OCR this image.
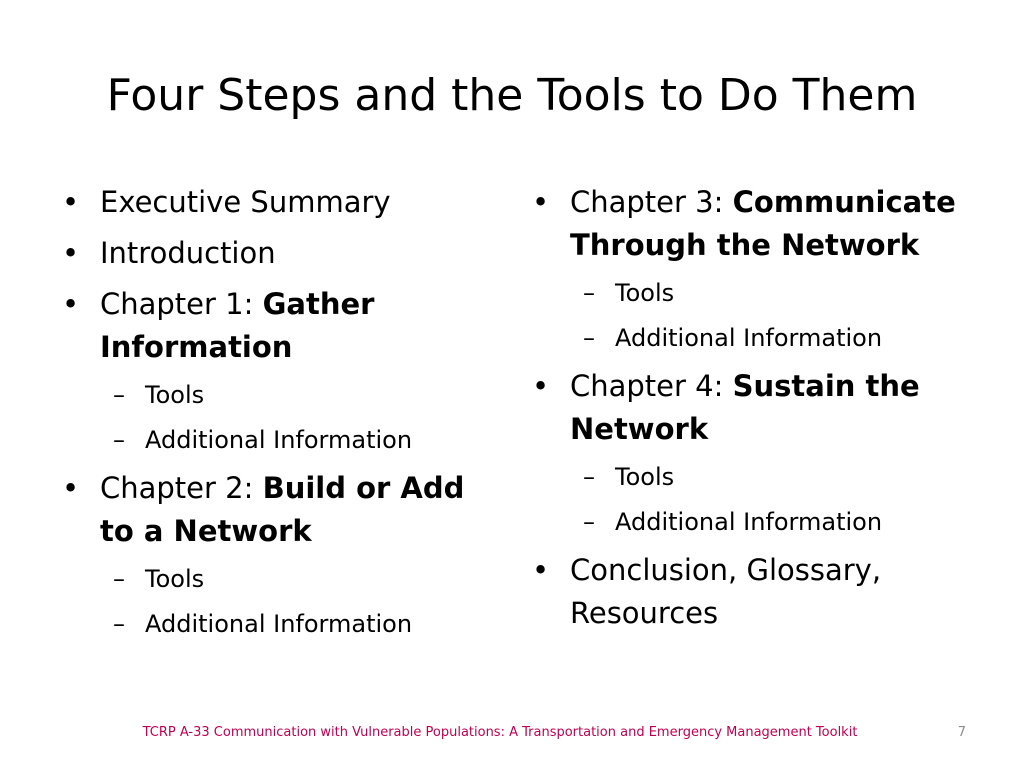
Four Steps and the Tools to Do Them
• Executive Summary
• Introduction
• Chapter 1: Gather Information
– Tools
– Additional Information
• Chapter 2: Build or Add to a Network
– Tools
– Additional Information
• Chapter 3: Communicate Through the Network
– Tools
– Additional Information
• Chapter 4: Sustain the Network
– Tools
– Additional Information
• Conclusion, Glossary, Resources
TCRP A-33 Communication with Vulnerable Populations: A Transportation and Emergency Management Toolkit	7
